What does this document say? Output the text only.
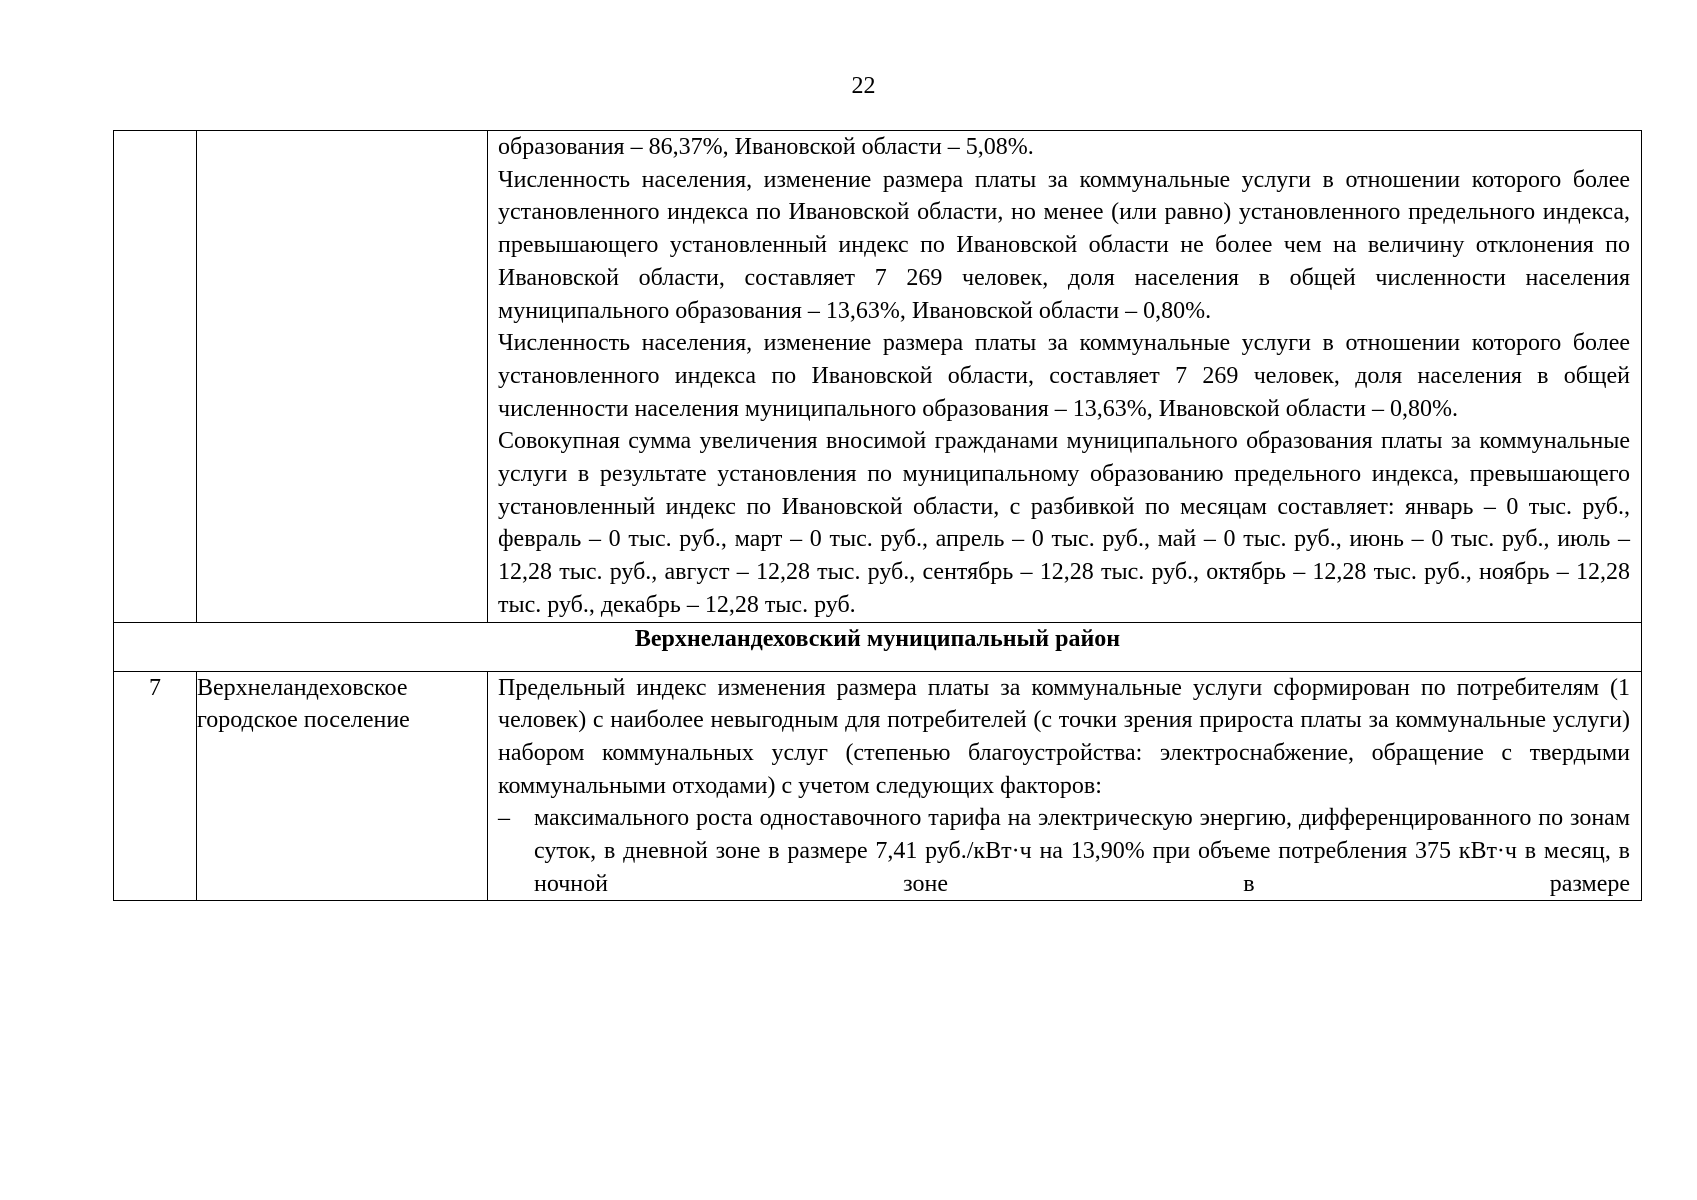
22

		образования – 86,37%, Ивановской области – 5,08%.

Численность населения, изменение размера платы за коммунальные услуги в отношении которого более установленного индекса по Ивановской области, но менее (или равно) установленного предельного индекса, превышающего установленный индекс по Ивановской области не более чем на величину отклонения по Ивановской области, составляет 7 269 человек, доля населения в общей численности населения муниципального образования – 13,63%, Ивановской области – 0,80%.

Численность населения, изменение размера платы за коммунальные услуги в отношении которого более установленного индекса по Ивановской области, составляет 7 269 человек, доля населения в общей численности населения муниципального образования – 13,63%, Ивановской области – 0,80%.

Совокупная сумма увеличения вносимой гражданами муниципального образования платы за коммунальные услуги в результате установления по муниципальному образованию предельного индекса, превышающего установленный индекс по Ивановской области, с разбивкой по месяцам составляет: январь – 0 тыс. руб., февраль – 0 тыс. руб., март – 0 тыс. руб., апрель – 0 тыс. руб., май – 0 тыс. руб., июнь – 0 тыс. руб., июль – 12,28 тыс. руб., август – 12,28 тыс. руб., сентябрь – 12,28 тыс. руб., октябрь – 12,28 тыс. руб., ноябрь – 12,28 тыс. руб., декабрь – 12,28 тыс. руб.

Верхнеландеховский муниципальный район		
7	Верхнеландеховское городское поселение	Предельный индекс изменения размера платы за коммунальные услуги сформирован по потребителям (1 человек) с наиболее невыгодным для потребителей (с точки зрения прироста платы за коммунальные услуги) набором коммунальных услуг (степенью благоустройства: электроснабжение, обращение с твердыми коммунальными отходами) с учетом следующих факторов:

– максимального роста одноставочного тарифа на электрическую энергию, дифференцированного по зонам суток, в дневной зоне в размере 7,41 руб./кВт·ч на 13,90% при объеме потребления 375 кВт·ч в месяц, в ночной зоне в размере
